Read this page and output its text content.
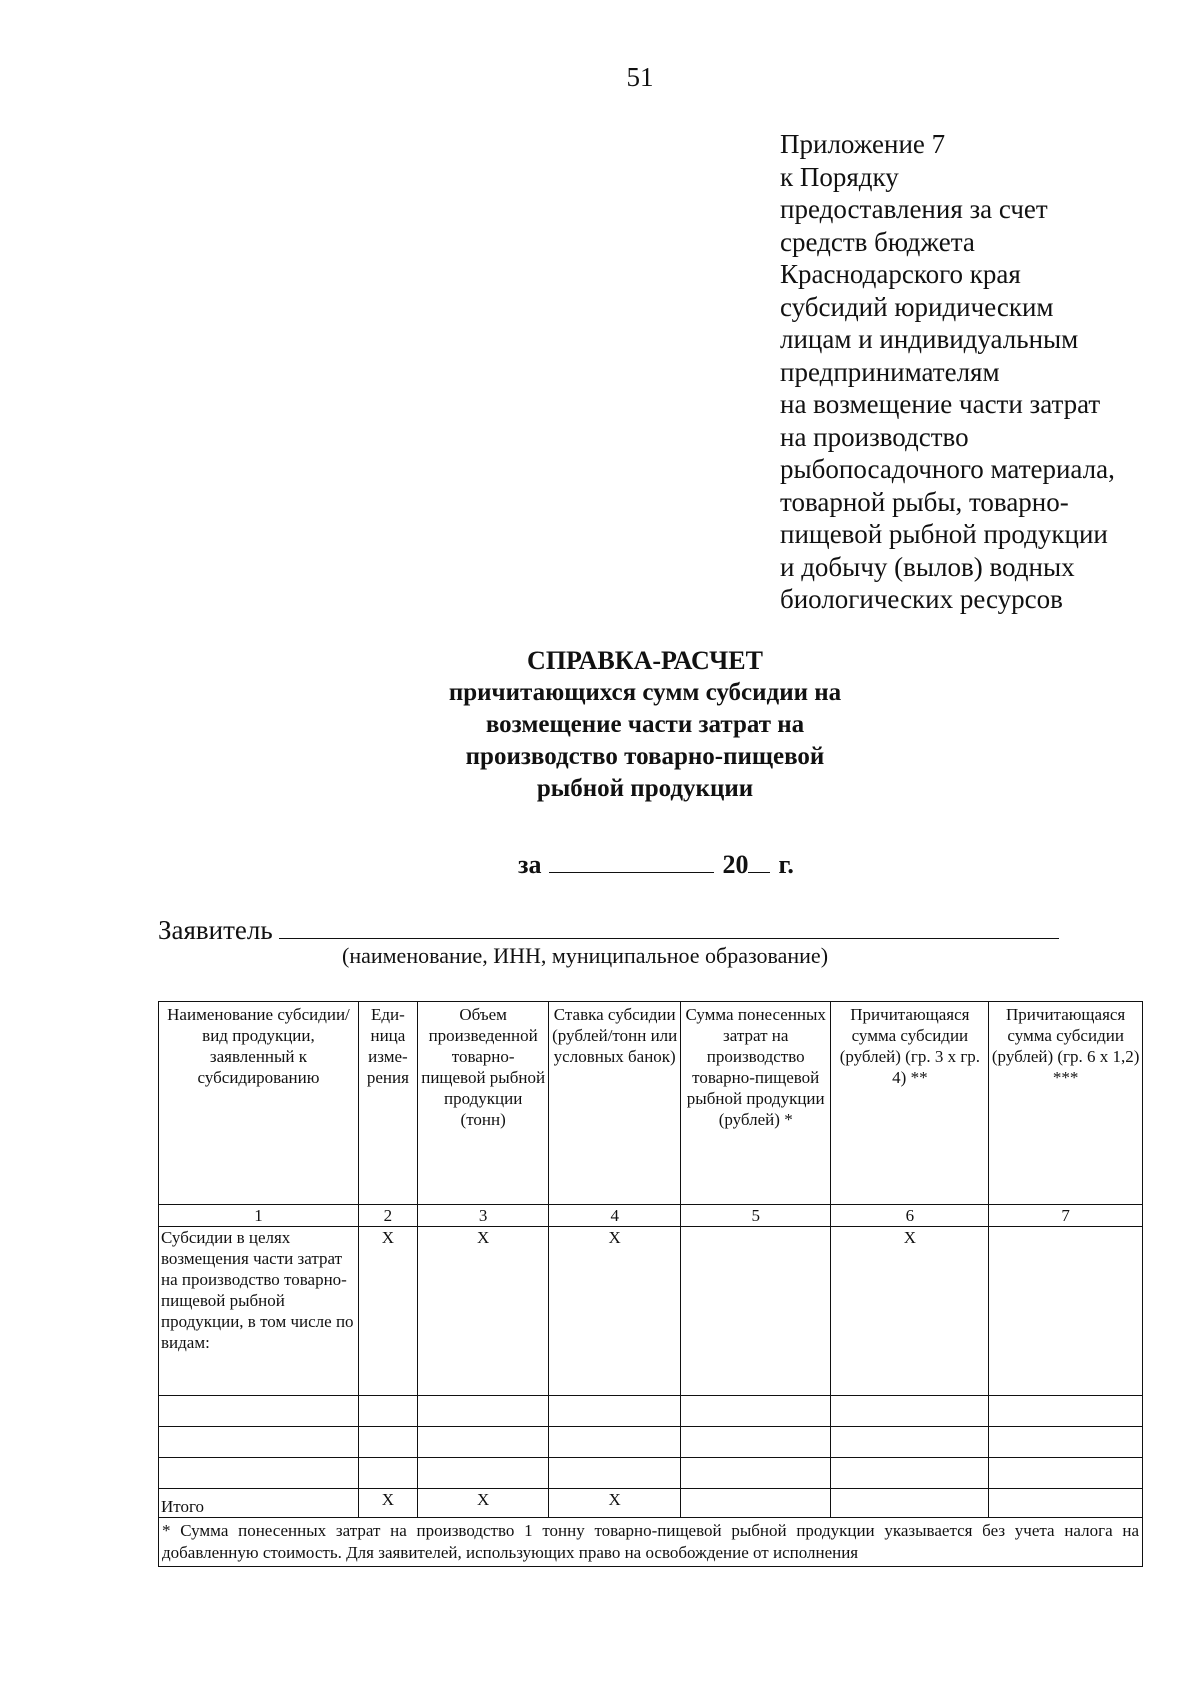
51
Приложение 7
к Порядку
предоставления за счет
средств бюджета
Краснодарского края
субсидий юридическим
лицам и индивидуальным
предпринимателям
на возмещение части затрат
на производство
рыбопосадочного материала,
товарной рыбы, товарно-
пищевой рыбной продукции
и добычу (вылов) водных
биологических ресурсов
СПРАВКА-РАСЧЕТ
причитающихся сумм субсидии на
возмещение части затрат на
производство товарно-пищевой
рыбной продукции
за	20 г.
Заявитель
(наименование, ИНН, муниципальное образование)
Наименование субсидии/ вид продукции, заявленный к субсидированию	Еди-ница изме-рения	Объем произведенной товарно-пищевой рыбной продукции (тонн)	Ставка субсидии (рублей/тонн или условных банок)	Сумма понесенных затрат на производство товарно-пищевой рыбной продукции (рублей) *	Причитающаяся сумма субсидии (рублей) (гр. 3 х гр. 4) **	Причитающаяся сумма субсидии (рублей) (гр. 6 х 1,2) ***
1	2	3	4	5	6	7
Субсидии в целях возмещения части затрат на производство товарно-пищевой рыбной продукции, в том числе по видам:	Х	Х	Х		Х	

Итого	Х	Х	Х			
* Сумма понесенных затрат на производство 1 тонну товарно-пищевой рыбной продукции указывается без учета налога на добавленную стоимость. Для заявителей, использующих право на освобождение от исполнения						
